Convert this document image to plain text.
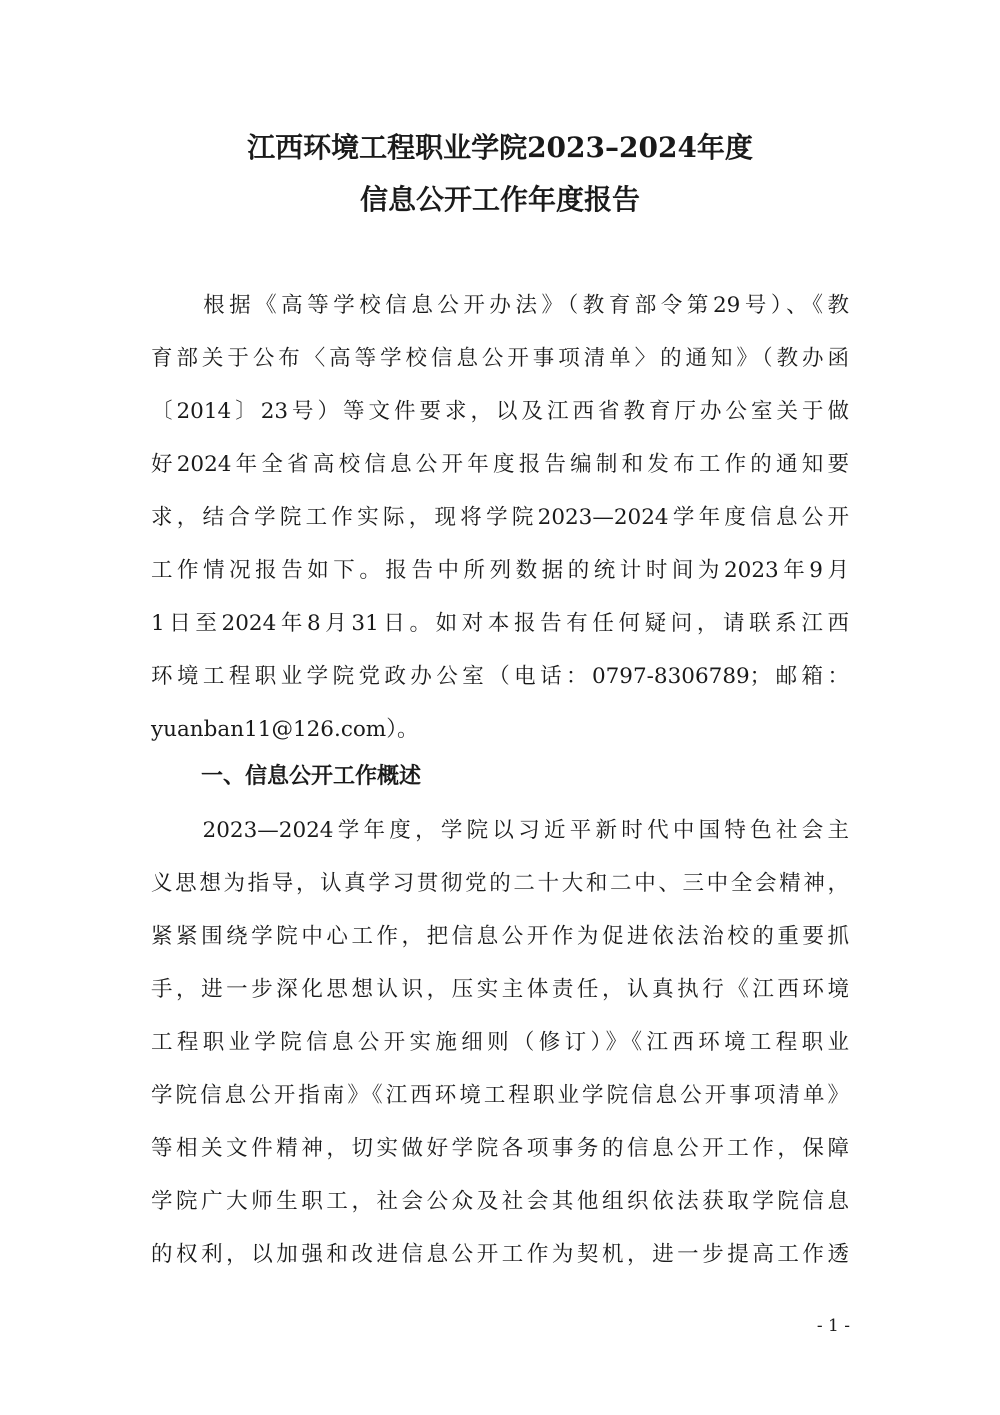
江西环境工程职业学院2023–2024年度
信息公开工作年度报告
　　根据《高等学校信息公开办法》（教育部令第29号）、《教
育部关于公布〈高等学校信息公开事项清单〉的通知》（教办函
〔2014〕23号）等文件要求，以及江西省教育厅办公室关于做
好2024年全省高校信息公开年度报告编制和发布工作的通知要
求，结合学院工作实际，现将学院2023—2024学年度信息公开
工作情况报告如下。报告中所列数据的统计时间为2023年9月
1日至2024年8月31日。如对本报告有任何疑问，请联系江西
环境工程职业学院党政办公室（电话：0797-8306789；邮箱：
yuanban11@126.com）。
一、信息公开工作概述
　　2023—2024学年度，学院以习近平新时代中国特色社会主
义思想为指导，认真学习贯彻党的二十大和二中、三中全会精神，
紧紧围绕学院中心工作，把信息公开作为促进依法治校的重要抓
手，进一步深化思想认识，压实主体责任，认真执行《江西环境
工程职业学院信息公开实施细则（修订）》《江西环境工程职业
学院信息公开指南》《江西环境工程职业学院信息公开事项清单》
等相关文件精神，切实做好学院各项事务的信息公开工作，保障
学院广大师生职工，社会公众及社会其他组织依法获取学院信息
的权利，以加强和改进信息公开工作为契机，进一步提高工作透
- 1 -
